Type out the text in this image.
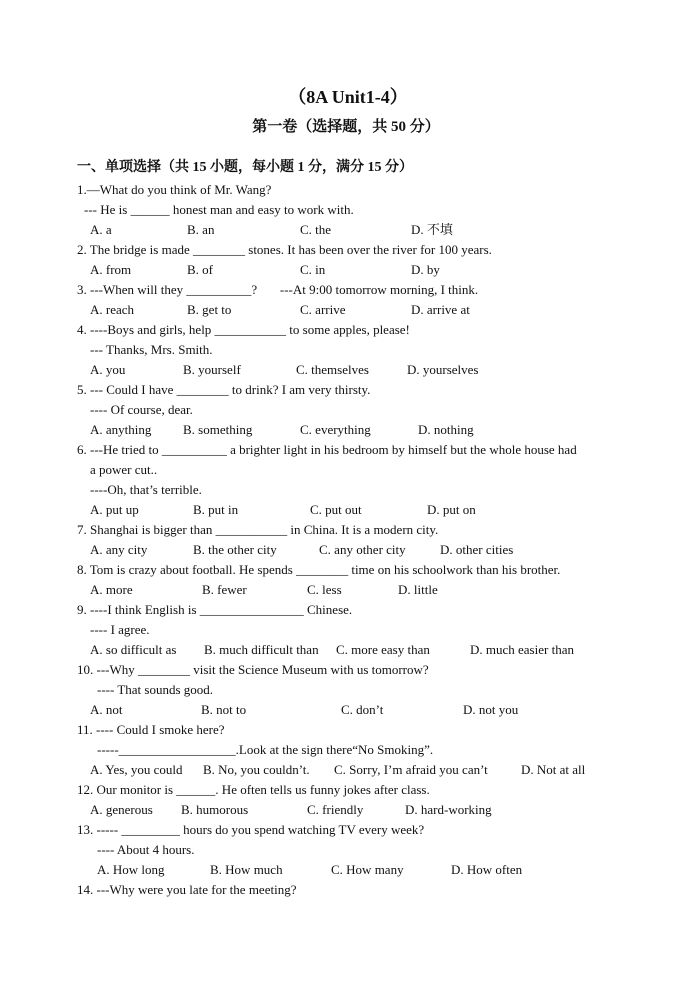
（8A Unit1-4）
第一卷（选择题，共 50 分）
一、单项选择（共 15 小题，每小题 1 分，满分 15 分）
1.—What do you think of Mr. Wang?
--- He is ______ honest man and easy to work with.
A. a	B. an	C. the	D. 不填
2. The bridge is made ________ stones. It has been over the river for 100 years.
A. from	B. of	C. in	D. by
3. ---When will they __________?       ---At 9:00 tomorrow morning, I think.
A. reach	B. get to	C. arrive	D. arrive at
4. ----Boys and girls, help ___________ to some apples, please!
--- Thanks, Mrs. Smith.
A. you	B. yourself	C. themselves	D. yourselves
5. --- Could I have ________ to drink? I am very thirsty.
---- Of course, dear.
A. anything B. something	C. everything	D. nothing
6. ---He tried to __________ a brighter light in his bedroom by himself but the whole house had
a power cut..
----Oh, that’s terrible.
A. put up	B. put in	C. put out	D. put on
7. Shanghai is bigger than ___________ in China. It is a modern city.
A. any city	B. the other city	C. any other city	D. other cities
8. Tom is crazy about football. He spends ________ time on his schoolwork than his brother.
A. more	B. fewer	C. less	D. little
9. ----I think English is ________________ Chinese.
---- I agree.
A. so difficult as B. much difficult than C. more easy than	D. much easier than
10. ---Why ________ visit the Science Museum with us tomorrow?
---- That sounds good.
A. not	B. not to	C. don’t	D. not you
11. ---- Could I smoke here?
-----__________________.Look at the sign there“No Smoking”.
A. Yes, you could B. No, you couldn’t. C. Sorry, I’m afraid you can’t	D. Not at all
12. Our monitor is ______. He often tells us funny jokes after class.
A. generous B. humorous	C. friendly	D. hard-working
13. ----- _________ hours do you spend watching TV every week?
---- About 4 hours.
A. How long	B. How much	C. How many	D. How often
14. ---Why were you late for the meeting?
